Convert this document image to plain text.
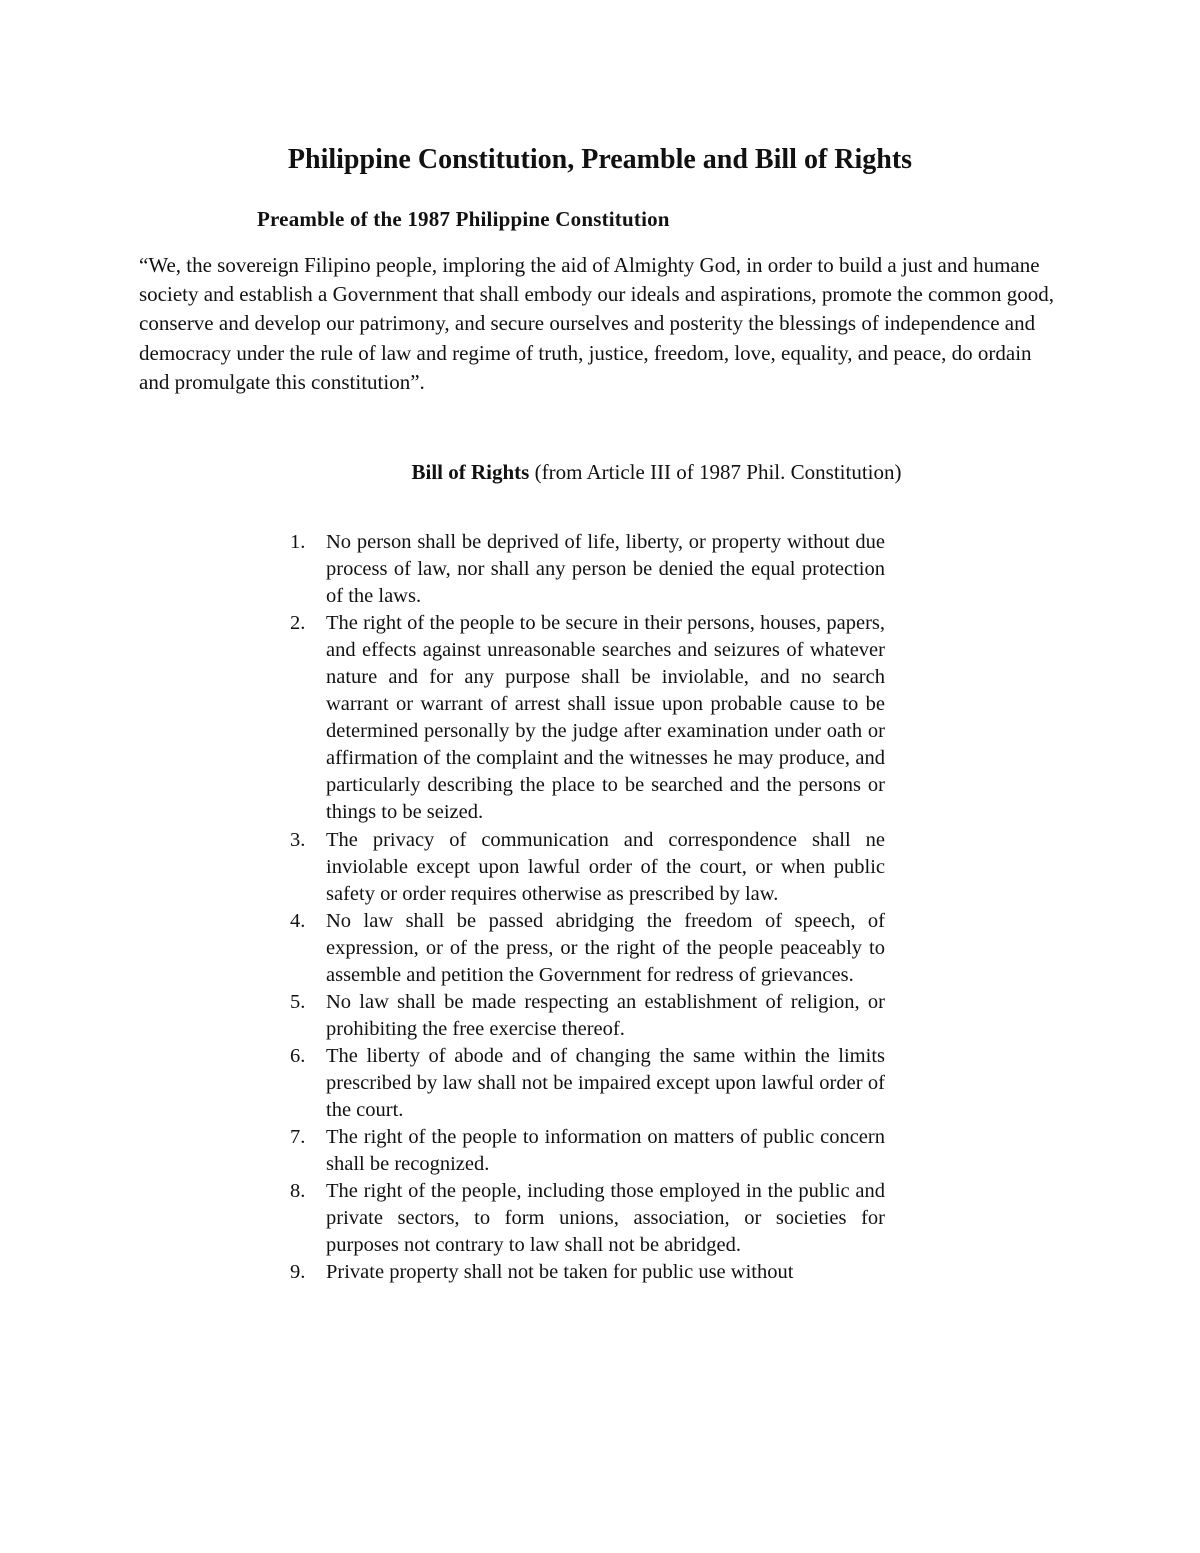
Philippine Constitution, Preamble and Bill of Rights
Preamble of the 1987 Philippine Constitution

“We, the sovereign Filipino people, imploring the aid of Almighty God, in order to build a just and humane society and establish a Government that shall embody our ideals and aspirations, promote the common good, conserve and develop our patrimony, and secure ourselves and posterity the blessings of independence and democracy under the rule of law and regime of truth, justice, freedom, love, equality, and peace, do ordain and promulgate this constitution”.

Bill of Rights (from Article III of 1987 Phil. Constitution)

1.	No person shall be deprived of life, liberty, or property without due process of law, nor shall any person be denied the equal protection of the laws.
2.	The right of the people to be secure in their persons, houses, papers, and effects against unreasonable searches and seizures of whatever nature and for any purpose shall be inviolable, and no search warrant or warrant of arrest shall issue upon probable cause to be determined personally by the judge after examination under oath or affirmation of the complaint and the witnesses he may produce, and particularly describing the place to be searched and the persons or things to be seized.
3.	The privacy of communication and correspondence shall ne inviolable except upon lawful order of the court, or when public safety or order requires otherwise as prescribed by law.
4.	No law shall be passed abridging the freedom of speech, of expression, or of the press, or the right of the people peaceably to assemble and petition the Government for redress of grievances.
5.	No law shall be made respecting an establishment of religion, or prohibiting the free exercise thereof.
6.	The liberty of abode and of changing the same within the limits prescribed by law shall not be impaired except upon lawful order of the court.
7.	The right of the people to information on matters of public concern shall be recognized.
8.	The right of the people, including those employed in the public and private sectors, to form unions, association, or societies for purposes not contrary to law shall not be abridged.
9.	Private property shall not be taken for public use without
